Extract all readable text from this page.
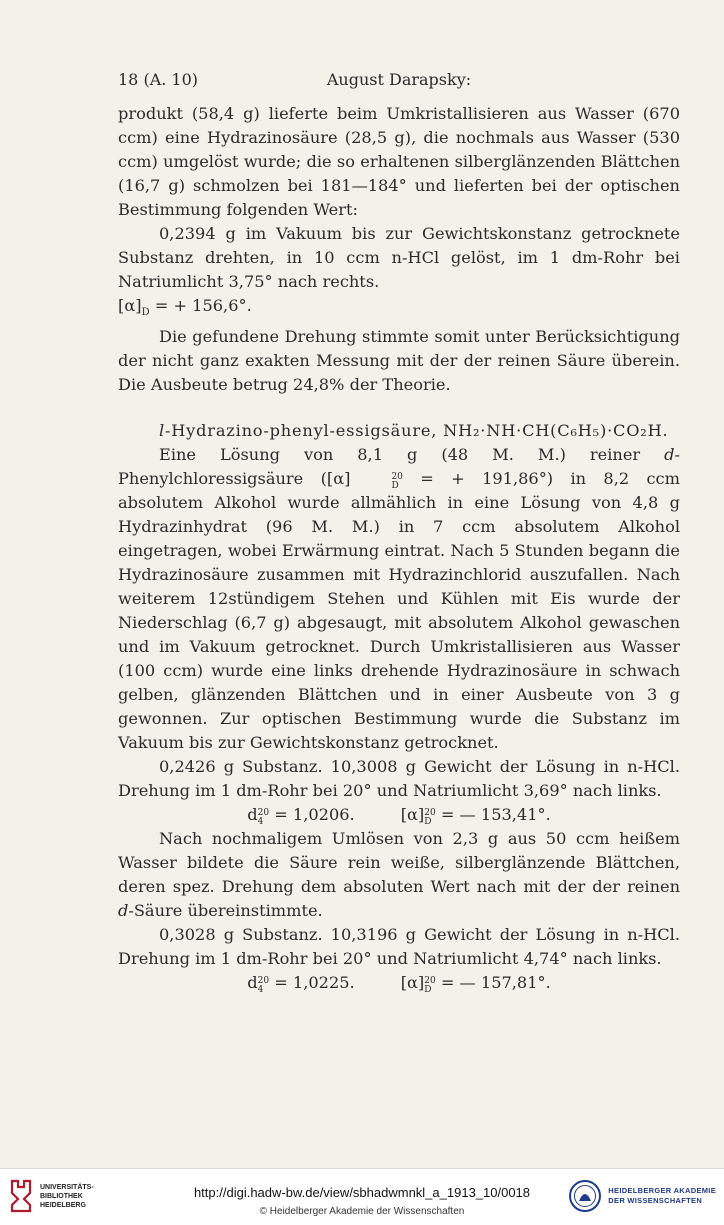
18 (A. 10)	August Darapsky:

produkt (58,4 g) lieferte beim Umkristallisieren aus Wasser (670 ccm) eine Hydrazinosäure (28,5 g), die nochmals aus Wasser (530 ccm) umgelöst wurde; die so erhaltenen silberglänzenden Blättchen (16,7 g) schmolzen bei 181—184° und lieferten bei der optischen Bestimmung folgenden Wert:

0,2394 g im Vakuum bis zur Gewichtskonstanz getrocknete Substanz drehten, in 10 ccm n-HCl gelöst, im 1 dm-Rohr bei Natriumlicht 3,75° nach rechts.

$[\alpha]_D$ = + 156,6°.

Die gefundene Drehung stimmte somit unter Berücksichtigung der nicht ganz exakten Messung mit der der reinen Säure überein. Die Ausbeute betrug 24,8% der Theorie.

l-Hydrazino-phenyl-essigsäure, NH₂·NH·CH(C₆H₅)·CO₂H.

Eine Lösung von 8,1 g (48 M. M.) reiner d-Phenylchloressigsäure ([α]	20
D = + 191,86°) in 8,2 ccm absolutem Alkohol wurde allmählich in eine Lösung von 4,8 g Hydrazinhydrat (96 M. M.) in 7 ccm absolutem Alkohol eingetragen, wobei Erwärmung eintrat. Nach 5 Stunden begann die Hydrazinosäure zusammen mit Hydrazinchlorid auszufallen. Nach weiterem 12stündigem Stehen und Kühlen mit Eis wurde der Niederschlag (6,7 g) abgesaugt, mit absolutem Alkohol gewaschen und im Vakuum getrocknet. Durch Umkristallisieren aus Wasser (100 ccm) wurde eine links drehende Hydrazinosäure in schwach gelben, glänzenden Blättchen und in einer Ausbeute von 3 g gewonnen. Zur optischen Bestimmung wurde die Substanz im Vakuum bis zur Gewichtskonstanz getrocknet.

0,2426 g Substanz. 10,3008 g Gewicht der Lösung in n-HCl. Drehung im 1 dm-Rohr bei 20° und Natriumlicht 3,69° nach links.

d 20
4 = 1,0206.	[α] 20
D = — 153,41°.

Nach nochmaligem Umlösen von 2,3 g aus 50 ccm heißem Wasser bildete die Säure rein weiße, silberglänzende Blättchen, deren spez. Drehung dem absoluten Wert nach mit der der reinen d-Säure übereinstimmte.

0,3028 g Substanz. 10,3196 g Gewicht der Lösung in n-HCl. Drehung im 1 dm-Rohr bei 20° und Natriumlicht 4,74° nach links.

d 20
4 = 1,0225.	[α] 20
D = — 157,81°.
UNIVERSITÄTS-
BIBLIOTHEK
HEIDELBERG
http://digi.hadw-bw.de/view/sbhadwmnkl_a_1913_10/0018
© Heidelberger Akademie der Wissenschaften
HEIDELBERGER AKADEMIE
DER WISSENSCHAFTEN
